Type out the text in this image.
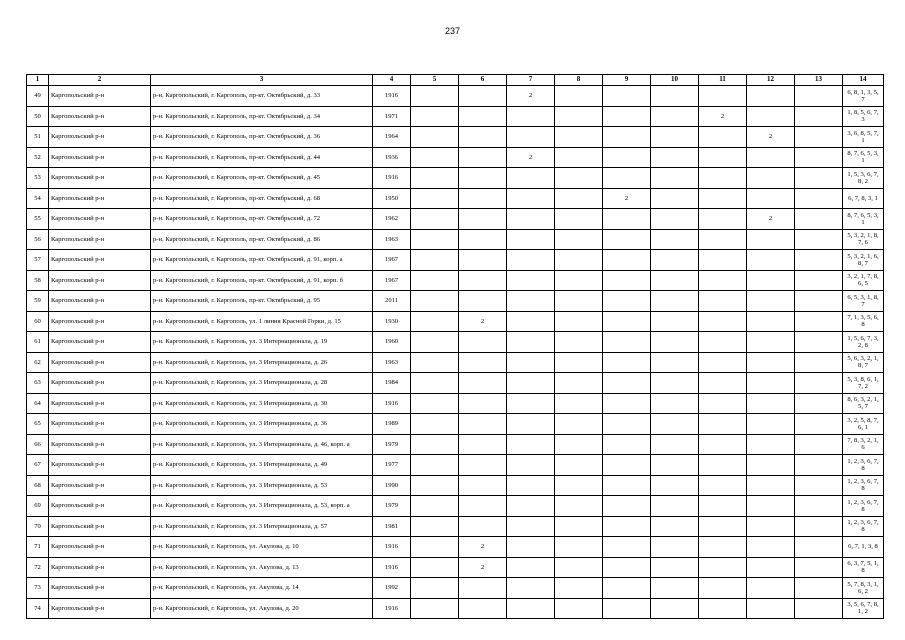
237
1	2	3	4	5	6	7	8	9	10	11	12	13	14
49	Каргопольский р-н	р-н. Каргопольский, г. Каргополь, пр-кт. Октябрьский, д. 33	1916			2							6, 8, 1, 3, 5, 7
50	Каргопольский р-н	р-н. Каргопольский, г. Каргополь, пр-кт. Октябрьский, д. 34	1971							2			1, 8, 5, 6, 7, 3
51	Каргопольский р-н	р-н. Каргопольский, г. Каргополь, пр-кт. Октябрьский, д. 36	1964								2		3, 6, 8, 5, 7, 1
52	Каргопольский р-н	р-н. Каргопольский, г. Каргополь, пр-кт. Октябрьский, д. 44	1936			2							8, 7, 6, 5, 3, 1
53	Каргопольский р-н	р-н. Каргопольский, г. Каргополь, пр-кт. Октябрьский, д. 45	1916										1, 5, 3, 6, 7, 8, 2
54	Каргопольский р-н	р-н. Каргопольский, г. Каргополь, пр-кт. Октябрьский, д. 68	1950					2					6, 7, 8, 3, 1
55	Каргопольский р-н	р-н. Каргопольский, г. Каргополь, пр-кт. Октябрьский, д. 72	1962								2		8, 7, 6, 5, 3, 1
56	Каргопольский р-н	р-н. Каргопольский, г. Каргополь, пр-кт. Октябрьский, д. 86	1963										5, 3, 2, 1, 8, 7, 6
57	Каргопольский р-н	р-н. Каргопольский, г. Каргополь, пр-кт. Октябрьский, д. 91, корп. а	1967										5, 3, 2, 1, 6, 8, 7
58	Каргопольский р-н	р-н. Каргопольский, г. Каргополь, пр-кт. Октябрьский, д. 91, корп. б	1967										3, 2, 1, 7, 8, 6, 5
59	Каргопольский р-н	р-н. Каргопольский, г. Каргополь, пр-кт. Октябрьский, д. 95	2011										6, 5, 3, 1, 8, 7
60	Каргопольский р-н	р-н. Каргопольский, г. Каргополь, ул. 1 линия Красной Горки, д. 15	1930		2								7, 1, 3, 5, 6, 8
61	Каргопольский р-н	р-н. Каргопольский, г. Каргополь, ул. 3 Интернационала, д. 19	1960										1, 5, 6, 7, 3, 2, 8
62	Каргопольский р-н	р-н. Каргопольский, г. Каргополь, ул. 3 Интернационала, д. 26	1963										5, 6, 3, 2, 1, 8, 7
63	Каргопольский р-н	р-н. Каргопольский, г. Каргополь, ул. 3 Интернационала, д. 28	1984										5, 3, 8, 6, 1, 7, 2
64	Каргопольский р-н	р-н. Каргопольский, г. Каргополь, ул. 3 Интернационала, д. 30	1916										8, 6, 3, 2, 1, 5, 7
65	Каргопольский р-н	р-н. Каргопольский, г. Каргополь, ул. 3 Интернационала, д. 36	1989										3, 2, 5, 8, 7, 6, 1
66	Каргопольский р-н	р-н. Каргопольский, г. Каргополь, ул. 3 Интернационала, д. 46, корп. а	1979										7, 8, 3, 2, 1, 6
67	Каргопольский р-н	р-н. Каргопольский, г. Каргополь, ул. 3 Интернационала, д. 49	1977										1, 2, 3, 6, 7, 8
68	Каргопольский р-н	р-н. Каргопольский, г. Каргополь, ул. 3 Интернационала, д. 53	1990										1, 2, 3, 6, 7, 8
69	Каргопольский р-н	р-н. Каргопольский, г. Каргополь, ул. 3 Интернационала, д. 53, корп. а	1979										1, 2, 3, 6, 7, 8
70	Каргопольский р-н	р-н. Каргопольский, г. Каргополь, ул. 3 Интернационала, д. 57	1981										1, 2, 3, 6, 7, 8
71	Каргопольский р-н	р-н. Каргопольский, г. Каргополь, ул. Акулова, д. 10	1916		2								6, 7, 1, 3, 8
72	Каргопольский р-н	р-н. Каргопольский, г. Каргополь, ул. Акулова, д. 13	1916		2								6, 3, 7, 5, 1, 8
73	Каргопольский р-н	р-н. Каргопольский, г. Каргополь, ул. Акулова, д. 14	1992										5, 7, 8, 3, 1, 6, 2
74	Каргопольский р-н	р-н. Каргопольский, г. Каргополь, ул. Акулова, д. 20	1916										3, 5, 6, 7, 8, 1, 2
